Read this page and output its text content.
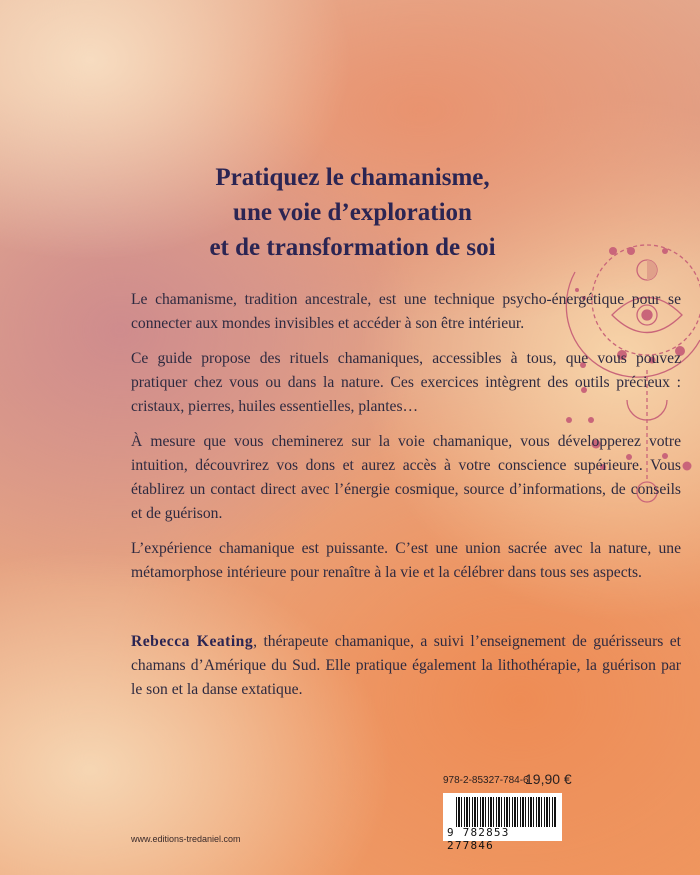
Pratiquez le chamanisme,
une voie d’exploration
et de transformation de soi

Le chamanisme, tradition ancestrale, est une technique psycho-énergétique pour se connecter aux mondes invisibles et accéder à son être intérieur.

Ce guide propose des rituels chamaniques, accessibles à tous, que vous pouvez pratiquer chez vous ou dans la nature. Ces exercices intègrent des outils précieux : cristaux, pierres, huiles essentielles, plantes…

À mesure que vous cheminerez sur la voie chamanique, vous développerez votre intuition, découvrirez vos dons et aurez accès à votre conscience supérieure. Vous établirez un contact direct avec l’énergie cosmique, source d’informations, de conseils et de guérison.

L’expérience chamanique est puissante. C’est une union sacrée avec la nature, une métamorphose intérieure pour renaître à la vie et la célébrer dans tous ses aspects.

Rebecca Keating, thérapeute chamanique, a suivi l’enseignement de guérisseurs et chamans d’Amérique du Sud. Elle pratique également la lithothérapie, la guérison par le son et la danse extatique.

978-2-85327-784-6
19,90 €
9 782853 277846
www.editions-tredaniel.com
